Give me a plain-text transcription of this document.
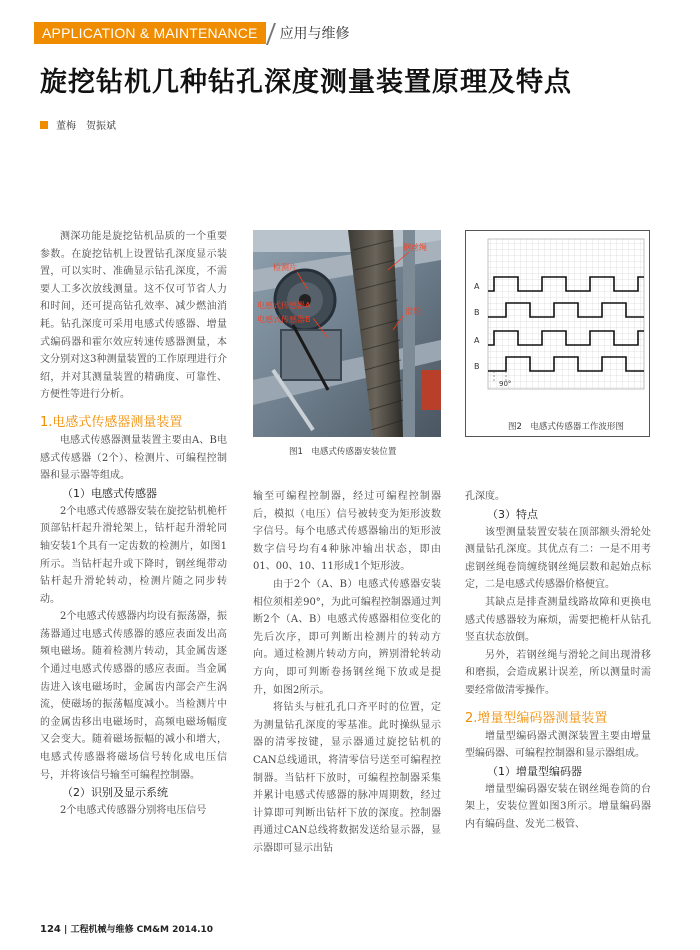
APPLICATION & MAINTENANCE	应用与维修
旋挖钻机几种钻孔深度测量装置原理及特点
董梅　贺振斌

测深功能是旋挖钻机品质的一个重要参数。在旋挖钻机上设置钻孔深度显示装置，可以实时、准确显示钻孔深度，不需要人工多次放线测量。这不仅可节省人力和时间，还可提高钻孔效率、减少燃油消耗。钻孔深度可采用电感式传感器、增量式编码器和霍尔效应转速传感器测量，本文分别对这3种测量装置的工作原理进行介绍，并对其测量装置的精确度、可靠性、方便性等进行分析。

1.电感式传感器测量装置

电感式传感器测量装置主要由A、B电感式传感器（2个）、检测片、可编程控制器和显示器等组成。

（1）电感式传感器

2个电感式传感器安装在旋挖钻机桅杆顶部钻杆起升滑轮架上，钻杆起升滑轮同轴安装1个具有一定齿数的检测片，如图1所示。当钻杆起升或下降时，钢丝绳带动钻杆起升滑轮转动，检测片随之同步转动。

2个电感式传感器内均设有振荡器，振荡器通过电感式传感器的感应表面发出高频电磁场。随着检测片转动，其金属齿逐个通过电感式传感器的感应表面。当金属齿进入该电磁场时，金属齿内部会产生涡流，使磁场的振荡幅度减小。当检测片中的金属齿移出电磁场时，高频电磁场幅度又会变大。随着磁场振幅的减小和增大，电感式传感器将磁场信号转化成电压信号，并将该信号输至可编程控制器。

（2）识别及显示系统

2个电感式传感器分别将电压信号

检测片
钢丝绳
电感式传感器A
电感式传感器B
滑轮
图1　电感式传感器安装位置
A
B
A
B
90°
图2　电感式传感器工作波形图

输至可编程控制器，经过可编程控制器后，模拟（电压）信号被转变为矩形波数字信号。每个电感式传感器输出的矩形波数字信号均有4种脉冲输出状态，即由01、00、10、11形成1个矩形波。

由于2个（A、B）电感式传感器安装相位须相差90°，为此可编程控制器通过判断2个（A、B）电感式传感器相位变化的先后次序，即可判断出检测片的转动方向。通过检测片转动方向，辨别滑轮转动方向，即可判断卷扬钢丝绳下放或是提升，如图2所示。

将钻头与桩孔孔口齐平时的位置，定为测量钻孔深度的零基准。此时操纵显示器的清零按键，显示器通过旋挖钻机的CAN总线通讯，将清零信号送至可编程控制器。当钻杆下放时，可编程控制器采集并累计电感式传感器的脉冲周期数，经过计算即可判断出钻杆下放的深度。控制器再通过CAN总线将数据发送给显示器，显示器即可显示出钻

孔深度。

（3）特点

该型测量装置安装在顶部额头滑轮处测量钻孔深度。其优点有二：一是不用考虑钢丝绳卷筒缠绕钢丝绳层数和起始点标定，二是电感式传感器价格便宜。

其缺点是排查测量线路故障和更换电感式传感器较为麻烦，需要把桅杆从钻孔竖直状态放倒。

另外，若钢丝绳与滑轮之间出现滑移和磨损，会造成累计误差，所以测量时需要经常做清零操作。

2.增量型编码器测量装置

增量型编码器式测深装置主要由增量型编码器、可编程控制器和显示器组成。

（1）增量型编码器

增量型编码器安装在钢丝绳卷筒的台架上，安装位置如图3所示。增量编码器内有编码盘、发光二极管、

124 | 工程机械与维修 CM&M 2014.10
